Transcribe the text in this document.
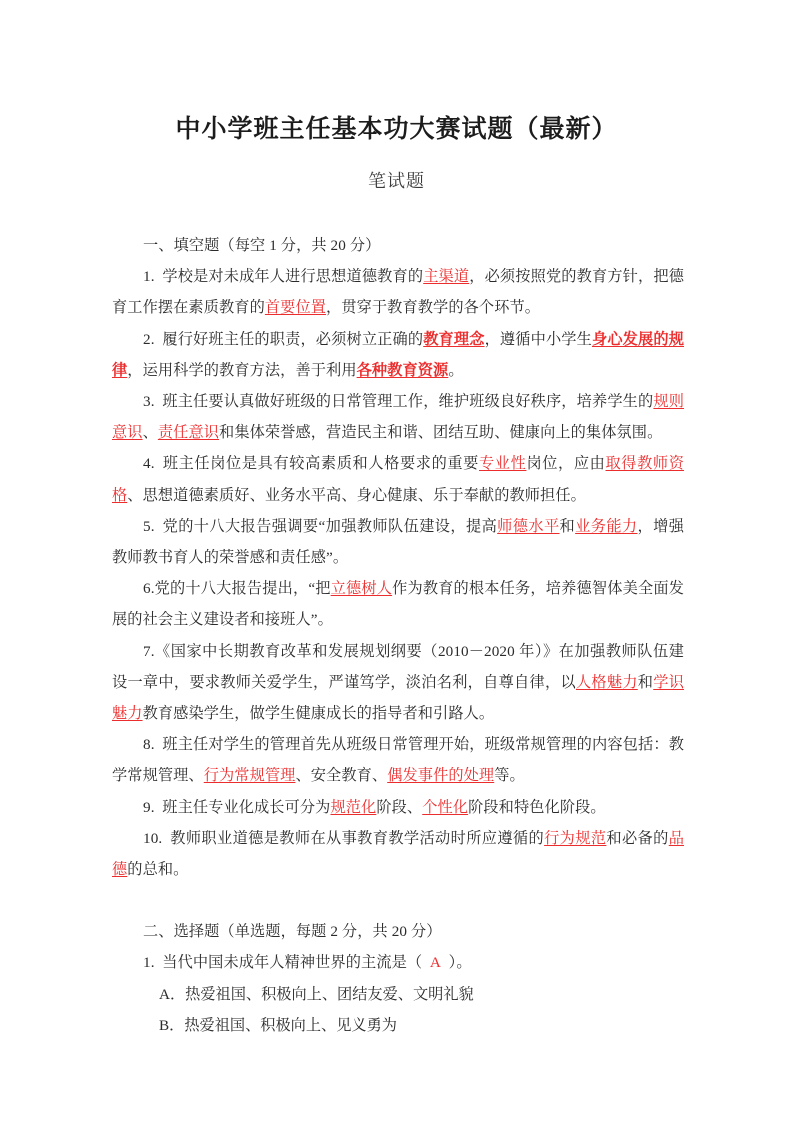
中小学班主任基本功大赛试题（最新）
笔试题

一、填空题（每空 1 分，共 20 分）

1. 学校是对未成年人进行思想道德教育的主渠道，必须按照党的教育方针，把德育工作摆在素质教育的首要位置，贯穿于教育教学的各个环节。

2. 履行好班主任的职责，必须树立正确的教育理念，遵循中小学生身心发展的规律，运用科学的教育方法，善于利用各种教育资源。

3. 班主任要认真做好班级的日常管理工作，维护班级良好秩序，培养学生的规则意识、责任意识和集体荣誉感，营造民主和谐、团结互助、健康向上的集体氛围。

4. 班主任岗位是具有较高素质和人格要求的重要专业性岗位，应由取得教师资格、思想道德素质好、业务水平高、身心健康、乐于奉献的教师担任。

5. 党的十八大报告强调要“加强教师队伍建设，提高师德水平和业务能力，增强教师教书育人的荣誉感和责任感”。

6.党的十八大报告提出，“把立德树人作为教育的根本任务，培养德智体美全面发展的社会主义建设者和接班人”。

7.《国家中长期教育改革和发展规划纲要（2010－2020 年）》在加强教师队伍建设一章中，要求教师关爱学生，严谨笃学，淡泊名利，自尊自律，以人格魅力和学识魅力教育感染学生，做学生健康成长的指导者和引路人。

8. 班主任对学生的管理首先从班级日常管理开始，班级常规管理的内容包括：教学常规管理、行为常规管理、安全教育、偶发事件的处理等。

9. 班主任专业化成长可分为规范化阶段、个性化阶段和特色化阶段。

10. 教师职业道德是教师在从事教育教学活动时所应遵循的行为规范和必备的品德的总和。

二、选择题（单选题，每题 2 分，共 20 分）

1. 当代中国未成年人精神世界的主流是（ A ）。

A．热爱祖国、积极向上、团结友爱、文明礼貌

B．热爱祖国、积极向上、见义勇为
